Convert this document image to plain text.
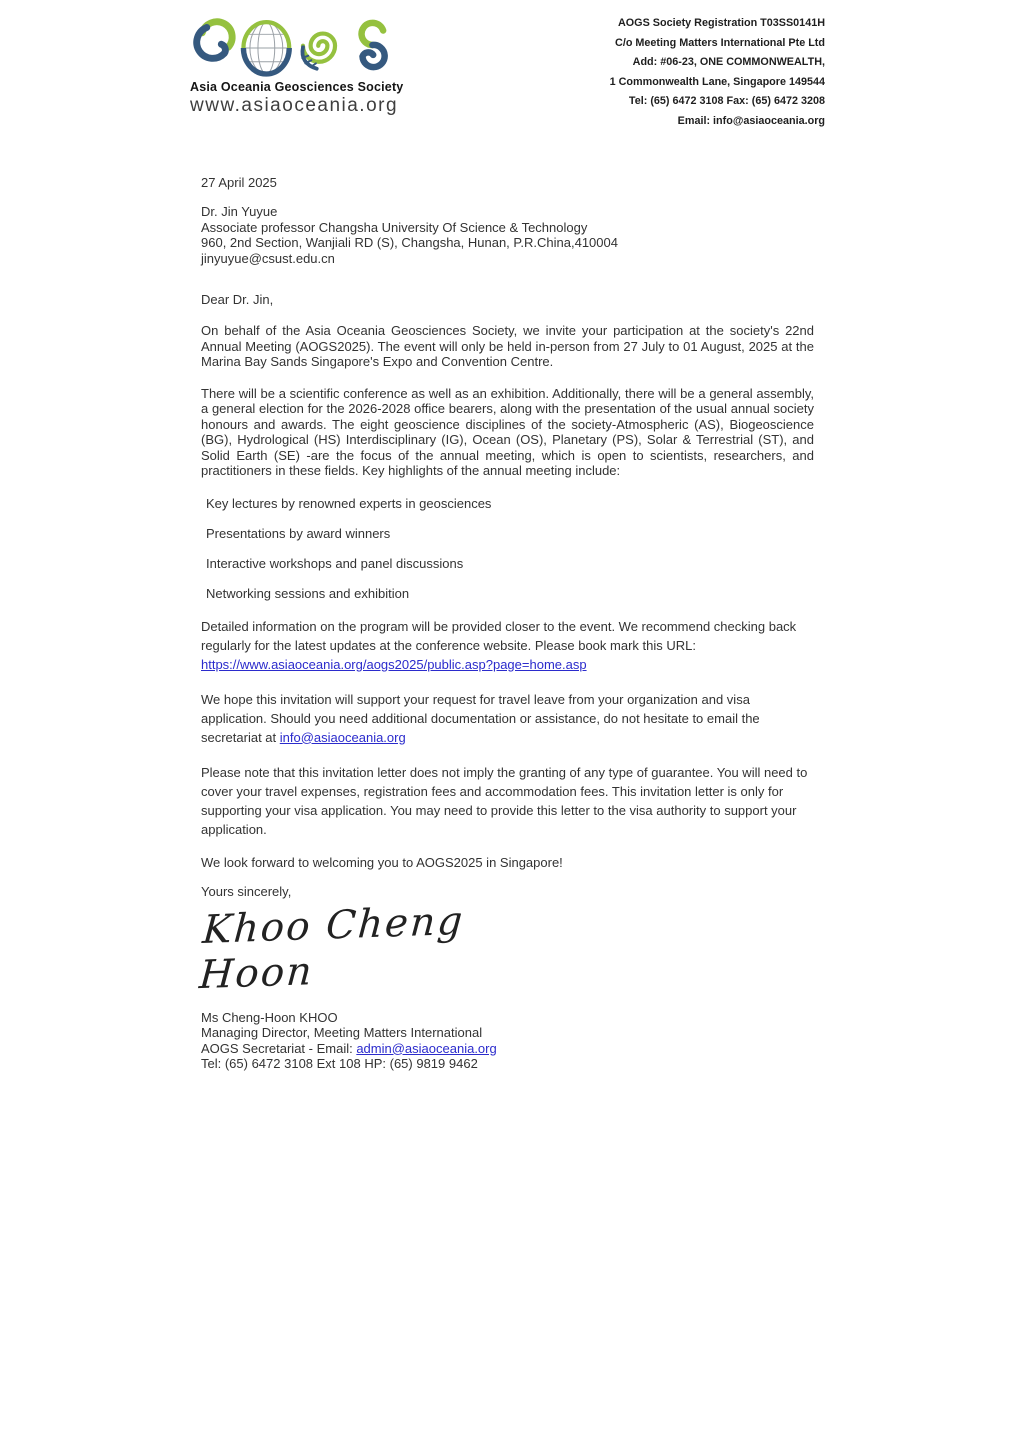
Asia Oceania Geosciences Society
www.asiaoceania.org
AOGS Society Registration T03SS0141H
C/o Meeting Matters International Pte Ltd
Add: #06-23, ONE COMMONWEALTH,
1 Commonwealth Lane, Singapore 149544
Tel: (65) 6472 3108 Fax: (65) 6472 3208
Email: info@asiaoceania.org
27 April 2025
Dr. Jin Yuyue
Associate professor Changsha University Of Science & Technology
960, 2nd Section, Wanjiali RD (S), Changsha, Hunan, P.R.China,410004
jinyuyue@csust.edu.cn
Dear Dr. Jin,

On behalf of the Asia Oceania Geosciences Society, we invite your participation at the society's 22nd Annual Meeting (AOGS2025). The event will only be held in-person from 27 July to 01 August, 2025 at the Marina Bay Sands Singapore's Expo and Convention Centre.

There will be a scientific conference as well as an exhibition. Additionally, there will be a general assembly, a general election for the 2026-2028 office bearers, along with the presentation of the usual annual society honours and awards. The eight geoscience disciplines of the society-Atmospheric (AS), Biogeoscience (BG), Hydrological (HS) Interdisciplinary (IG), Ocean (OS), Planetary (PS), Solar & Terrestrial (ST), and Solid Earth (SE) -are the focus of the annual meeting, which is open to scientists, researchers, and practitioners in these fields. Key highlights of the annual meeting include:

Key lectures by renowned experts in geosciences
Presentations by award winners
Interactive workshops and panel discussions
Networking sessions and exhibition

Detailed information on the program will be provided closer to the event. We recommend checking back regularly for the latest updates at the conference website. Please book mark this URL: https://www.asiaoceania.org/aogs2025/public.asp?page=home.asp

We hope this invitation will support your request for travel leave from your organization and visa application. Should you need additional documentation or assistance, do not hesitate to email the secretariat at info@asiaoceania.org

Please note that this invitation letter does not imply the granting of any type of guarantee. You will need to cover your travel expenses, registration fees and accommodation fees. This invitation letter is only for supporting your visa application. You may need to provide this letter to the visa authority to support your application.

We look forward to welcoming you to AOGS2025 in Singapore!

Yours sincerely,

Khoo Cheng Hoon
Ms Cheng-Hoon KHOO
Managing Director, Meeting Matters International
AOGS Secretariat - Email: admin@asiaoceania.org
Tel: (65) 6472 3108 Ext 108 HP: (65) 9819 9462
